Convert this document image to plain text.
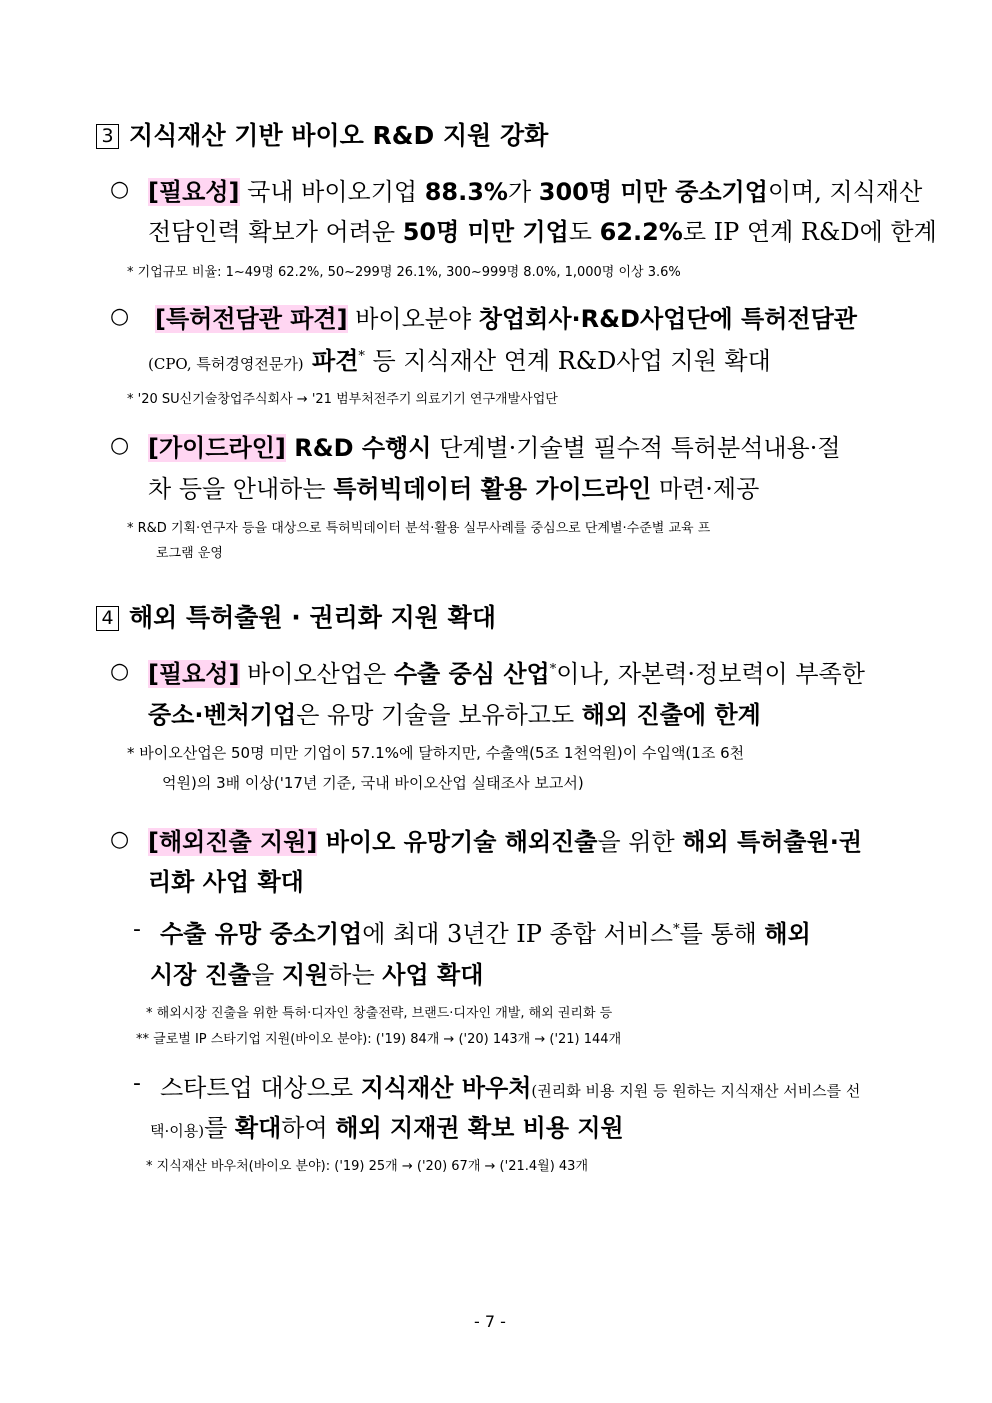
3 지식재산 기반 바이오 R&D 지원 강화
○ [필요성] 국내 바이오기업 88.3%가 300명 미만 중소기업이며, 지식재산
전담인력 확보가 어려운 50명 미만 기업도 62.2%로 IP 연계 R&D에 한계
* 기업규모 비율: 1~49명 62.2%, 50~299명 26.1%, 300~999명 8.0%, 1,000명 이상 3.6%
○ [특허전담관 파견] 바이오분야 창업회사·R&D사업단에 특허전담관
(CPO, 특허경영전문가) 파견* 등 지식재산 연계 R&D사업 지원 확대
* '20 SU신기술창업주식회사 → '21 범부처전주기 의료기기 연구개발사업단
○ [가이드라인] R&D 수행시 단계별·기술별 필수적 특허분석내용·절
차 등을 안내하는 특허빅데이터 활용 가이드라인 마련·제공
* R&D 기획·연구자 등을 대상으로 특허빅데이터 분석·활용 실무사례를 중심으로 단계별·수준별 교육 프
로그램 운영
4 해외 특허출원 · 권리화 지원 확대
○ [필요성] 바이오산업은 수출 중심 산업*이나, 자본력·정보력이 부족한
중소·벤처기업은 유망 기술을 보유하고도 해외 진출에 한계
* 바이오산업은 50명 미만 기업이 57.1%에 달하지만, 수출액(5조 1천억원)이 수입액(1조 6천
억원)의 3배 이상('17년 기준, 국내 바이오산업 실태조사 보고서)
○ [해외진출 지원] 바이오 유망기술 해외진출을 위한 해외 특허출원·권
리화 사업 확대
- 수출 유망 중소기업에 최대 3년간 IP 종합 서비스*를 통해 해외
시장 진출을 지원하는 사업 확대
* 해외시장 진출을 위한 특허·디자인 창출전략, 브랜드·디자인 개발, 해외 권리화 등
** 글로벌 IP 스타기업 지원(바이오 분야): ('19) 84개 → ('20) 143개 → ('21) 144개
- 스타트업 대상으로 지식재산 바우처(권리화 비용 지원 등 원하는 지식재산 서비스를 선
택·이용)를 확대하여 해외 지재권 확보 비용 지원
* 지식재산 바우처(바이오 분야): ('19) 25개 → ('20) 67개 → ('21.4월) 43개
- 7 -
